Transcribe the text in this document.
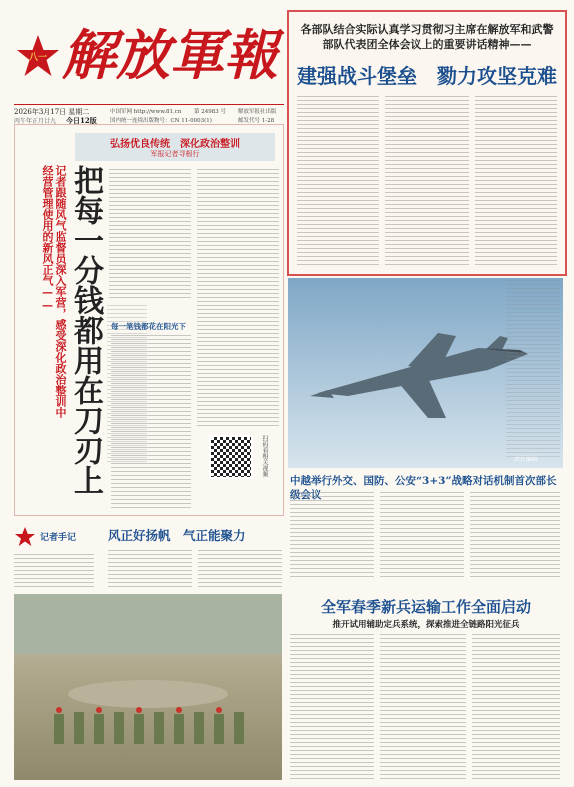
八一 解放軍報
2026年3月17日 星期二
丙午年正月廿九 今日12版
中国军网 http://www.81.cn 第 24983 号
国内统一连续出版物号：CN 11-0003(1)
解放军报社出版
邮发代号 1-28
各部队结合实际认真学习贯彻习主席在解放军和武警部队代表团全体会议上的重要讲话精神——
建强战斗堡垒　勠力攻坚克难
弘扬优良传统　深化政治整训
军报记者寻根行
记者跟随风气监督员深入军营，感受深化政治整训中经营管理使用的新风正气—— 把每一分钱都用在刀刃上 每一笔钱都花在阳光下
扫码看相关视频	责任编辑
中越举行外交、国防、公安“3+3”战略对话机制首次部长级会议
记者手记	风正好扬帆　气正能聚力
全军春季新兵运输工作全面启动
推开试用辅助定兵系统，探索推进全链路阳光征兵
